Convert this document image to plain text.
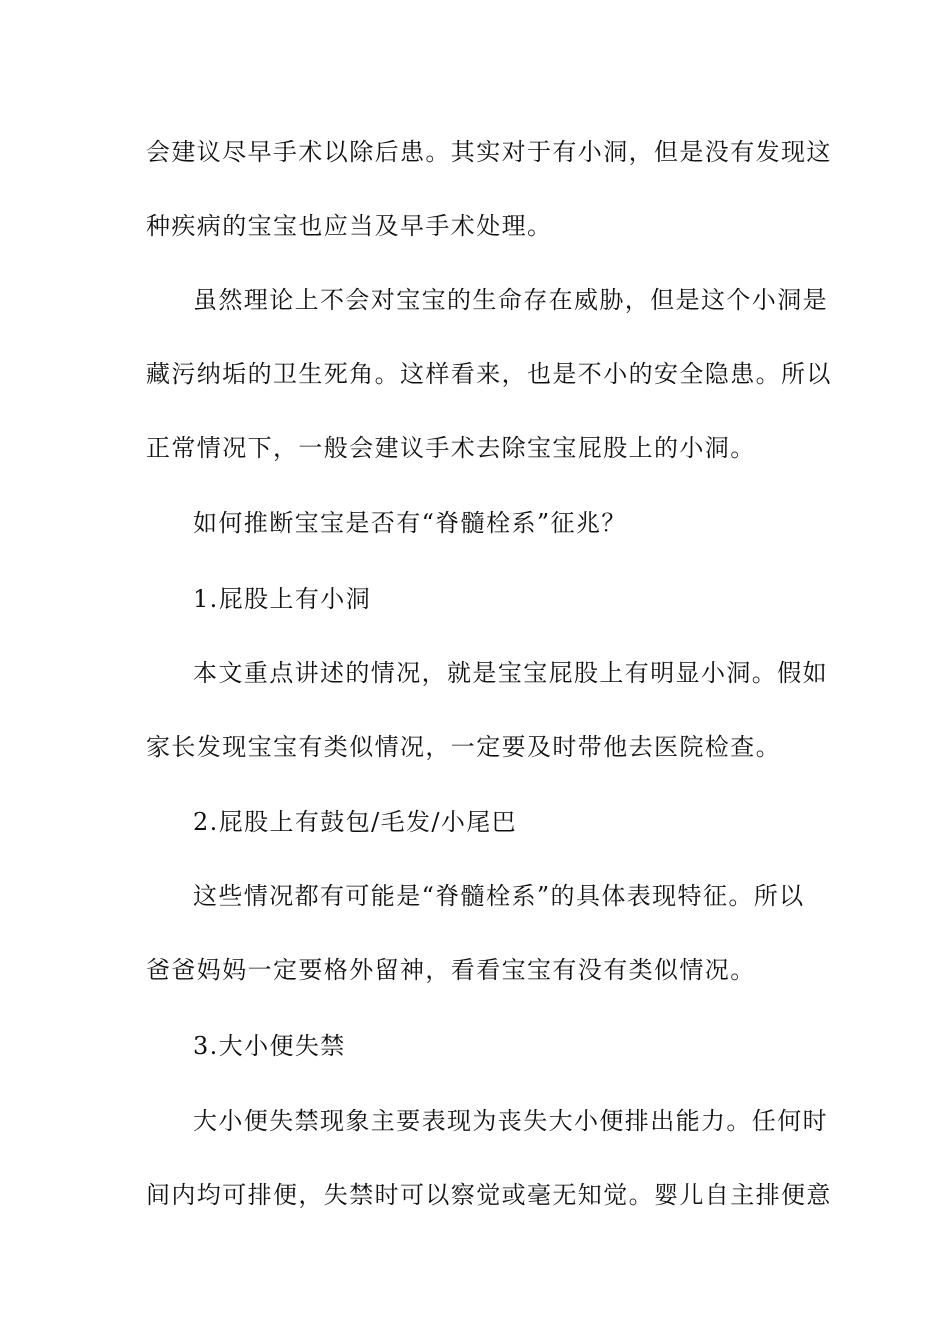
会建议尽早手术以除后患。其实对于有小洞，但是没有发现这
种疾病的宝宝也应当及早手术处理。
虽然理论上不会对宝宝的生命存在威胁，但是这个小洞是
藏污纳垢的卫生死角。这样看来，也是不小的安全隐患。所以
正常情况下，一般会建议手术去除宝宝屁股上的小洞。
如何推断宝宝是否有“脊髓栓系”征兆？
1.屁股上有小洞
本文重点讲述的情况，就是宝宝屁股上有明显小洞。假如
家长发现宝宝有类似情况，一定要及时带他去医院检查。
2.屁股上有鼓包/毛发/小尾巴
这些情况都有可能是“脊髓栓系”的具体表现特征。所以
爸爸妈妈一定要格外留神，看看宝宝有没有类似情况。
3.大小便失禁
大小便失禁现象主要表现为丧失大小便排出能力。任何时
间内均可排便，失禁时可以察觉或毫无知觉。婴儿自主排便意
